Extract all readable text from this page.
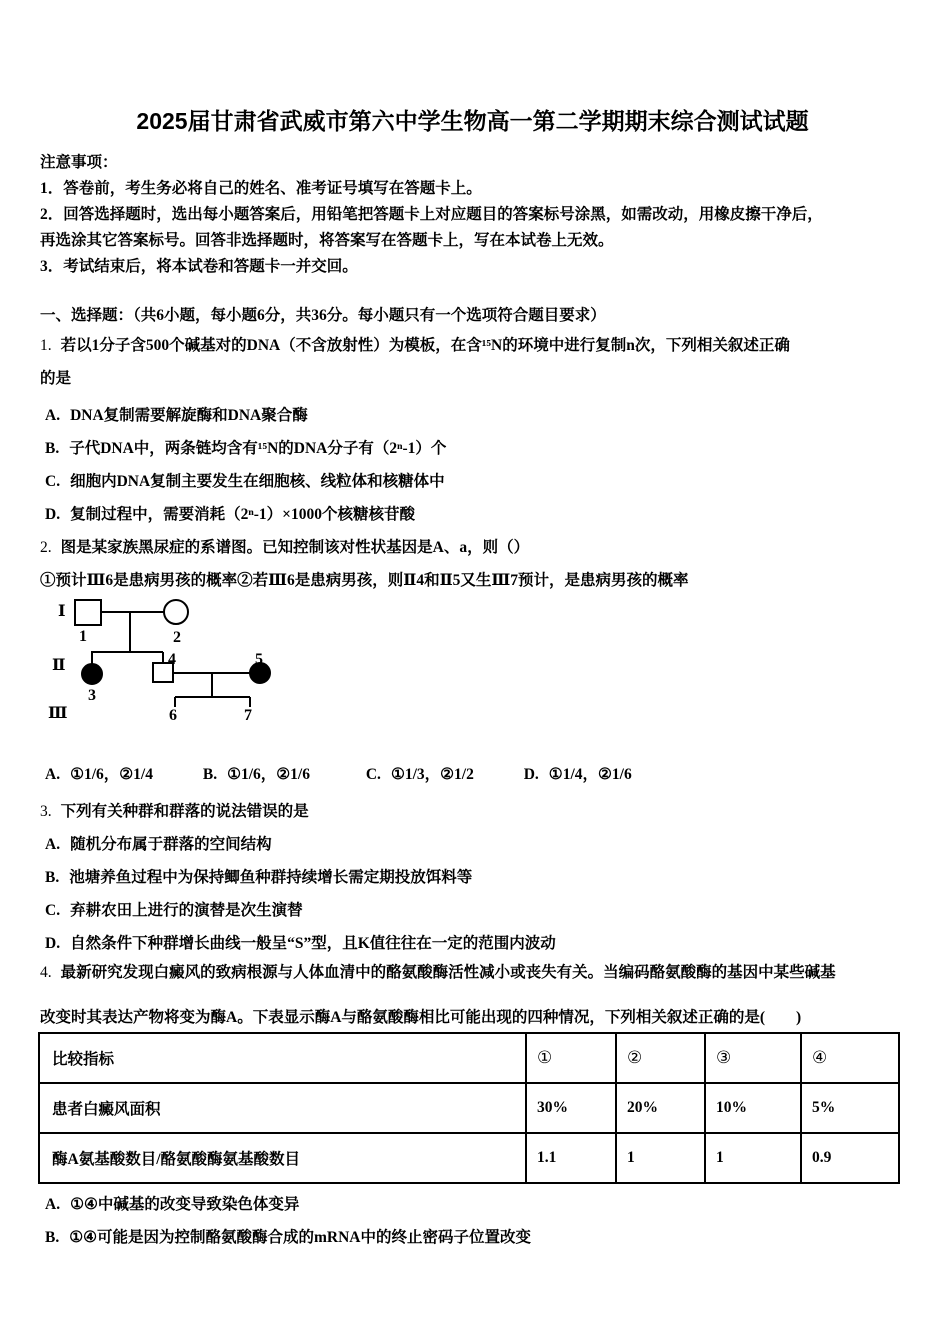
2025届甘肃省武威市第六中学生物高一第二学期期末综合测试试题
注意事项：
1．答卷前，考生务必将自己的姓名、准考证号填写在答题卡上。
2．回答选择题时，选出每小题答案后，用铅笔把答题卡上对应题目的答案标号涂黑，如需改动，用橡皮擦干净后，
再选涂其它答案标号。回答非选择题时，将答案写在答题卡上，写在本试卷上无效。
3．考试结束后，将本试卷和答题卡一并交回。
一、选择题：（共6小题，每小题6分，共36分。每小题只有一个选项符合题目要求）
1. 若以1分子含500个碱基对的DNA（不含放射性）为模板，在含¹⁵N的环境中进行复制n次，下列相关叙述正确
的是
A. DNA复制需要解旋酶和DNA聚合酶
B. 子代DNA中，两条链均含有¹⁵N的DNA分子有（2ⁿ-1）个
C. 细胞内DNA复制主要发生在细胞核、线粒体和核糖体中
D. 复制过程中，需要消耗（2ⁿ-1）×1000个核糖核苷酸
2. 图是某家族黑尿症的系谱图。已知控制该对性状基因是A、a，则（）
①预计Ⅲ6是患病男孩的概率②若Ⅲ6是患病男孩，则Ⅱ4和Ⅱ5又生Ⅲ7预计，是患病男孩的概率
Ⅰ
Ⅱ
Ⅲ
1	2
3
4	5
6	7
A. ①1/6，②1/4	B. ①1/6，②1/6	C. ①1/3，②1/2	D. ①1/4，②1/6
3. 下列有关种群和群落的说法错误的是
A. 随机分布属于群落的空间结构
B. 池塘养鱼过程中为保持鲫鱼种群持续增长需定期投放饵料等
C. 弃耕农田上进行的演替是次生演替
D. 自然条件下种群增长曲线一般呈“S”型，且K值往往在一定的范围内波动
4. 最新研究发现白癜风的致病根源与人体血清中的酪氨酸酶活性减小或丧失有关。当编码酪氨酸酶的基因中某些碱基
改变时其表达产物将变为酶A。下表显示酶A与酪氨酸酶相比可能出现的四种情况，下列相关叙述正确的是(　　)
比较指标	①	②	③	④
患者白癜风面积	30%	20%	10%	5%
酶A氨基酸数目/酪氨酸酶氨基酸数目	1.1	1	1	0.9
A. ①④中碱基的改变导致染色体变异
B. ①④可能是因为控制酪氨酸酶合成的mRNA中的终止密码子位置改变
